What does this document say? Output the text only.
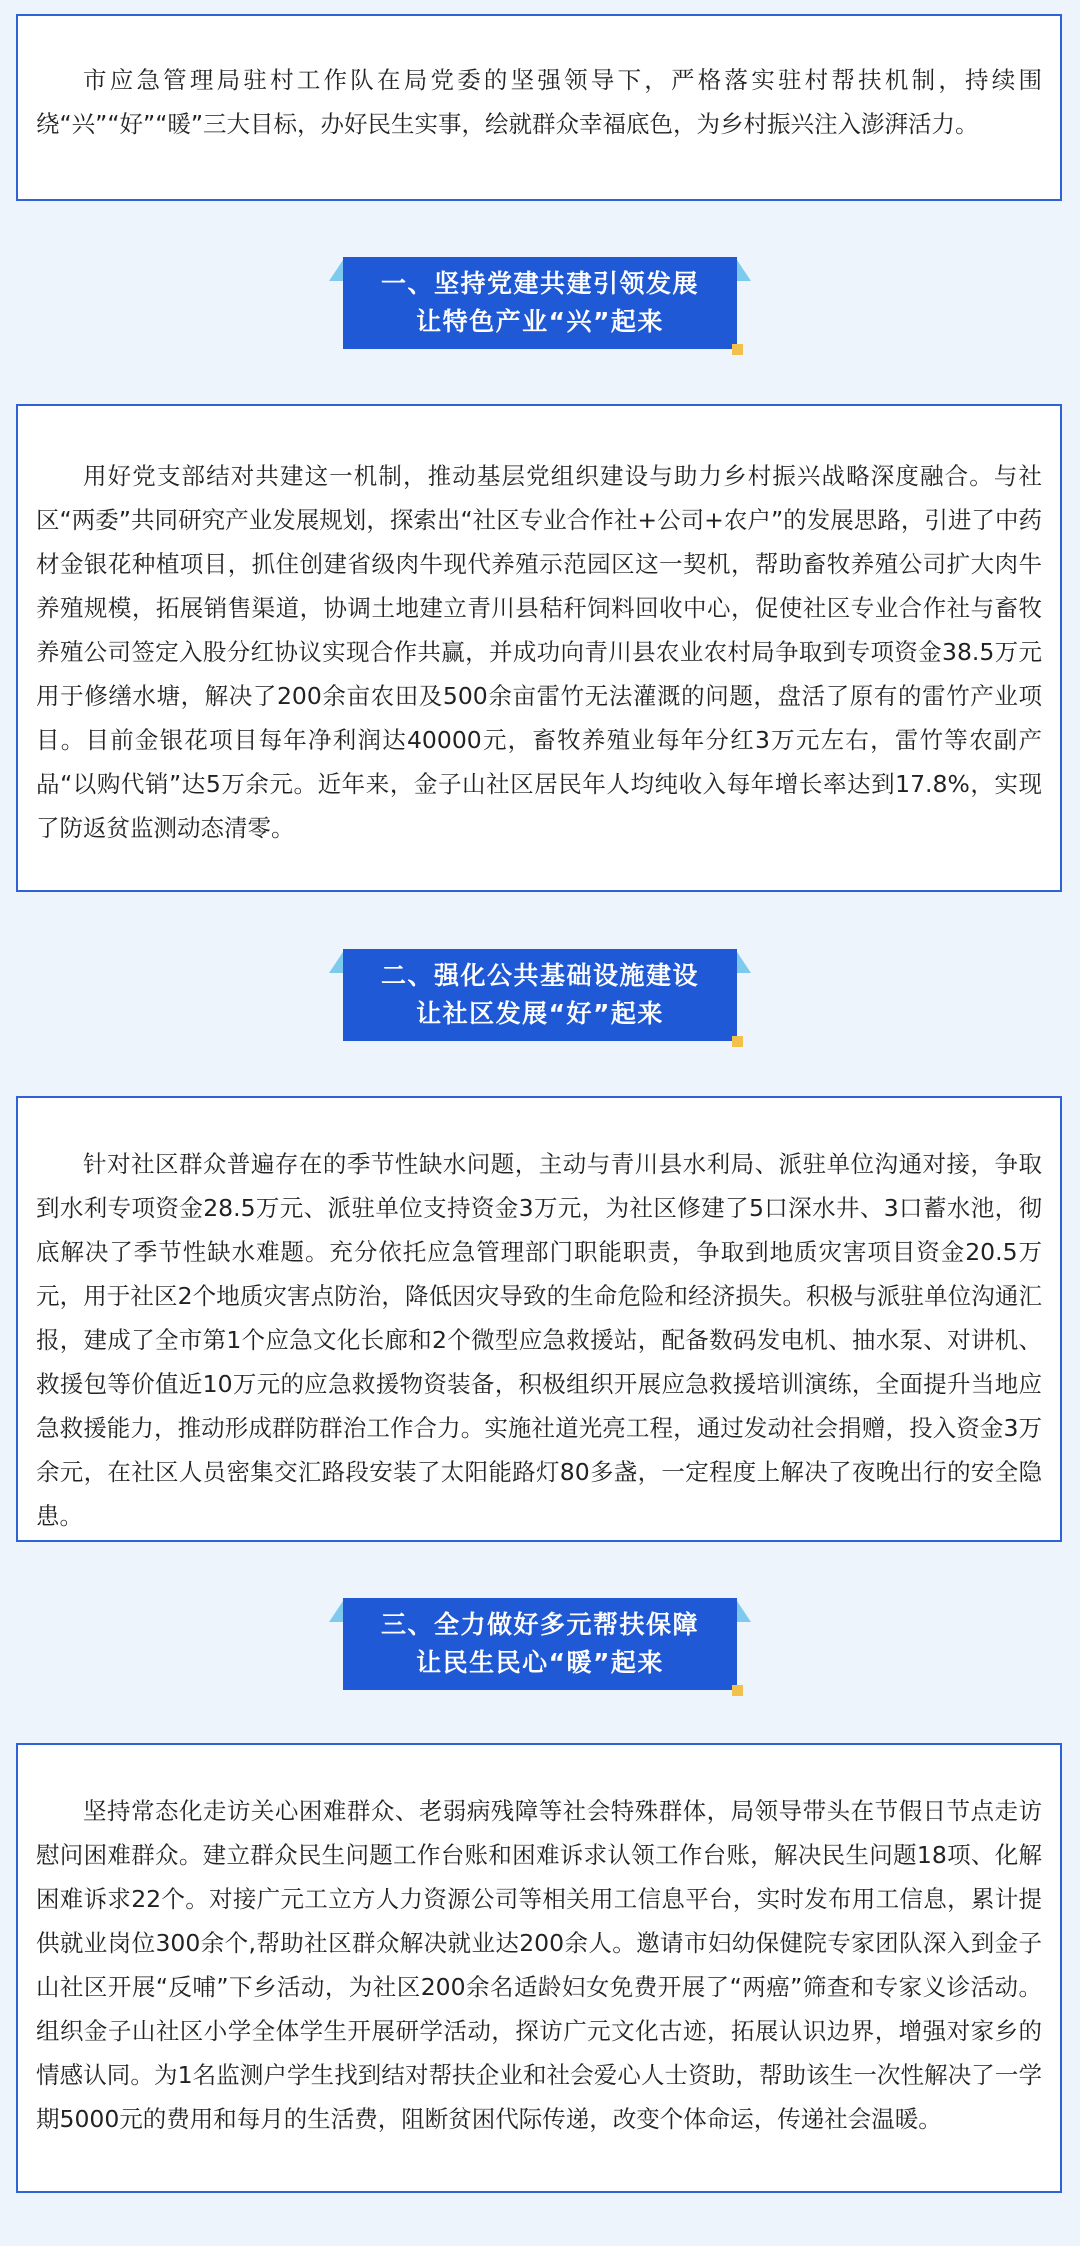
市应急管理局驻村工作队在局党委的坚强领导下，严格落实驻村帮扶机制，持续围绕“兴”“好”“暖”三大目标，办好民生实事，绘就群众幸福底色，为乡村振兴注入澎湃活力。

一、坚持党建共建引领发展
让特色产业“兴”起来

用好党支部结对共建这一机制，推动基层党组织建设与助力乡村振兴战略深度融合。与社区“两委”共同研究产业发展规划，探索出“社区专业合作社+公司+农户”的发展思路，引进了中药材金银花种植项目，抓住创建省级肉牛现代养殖示范园区这一契机，帮助畜牧养殖公司扩大肉牛养殖规模，拓展销售渠道，协调土地建立青川县秸秆饲料回收中心，促使社区专业合作社与畜牧养殖公司签定入股分红协议实现合作共赢，并成功向青川县农业农村局争取到专项资金38.5万元用于修缮水塘，解决了200余亩农田及500余亩雷竹无法灌溉的问题，盘活了原有的雷竹产业项目。目前金银花项目每年净利润达40000元，畜牧养殖业每年分红3万元左右，雷竹等农副产品“以购代销”达5万余元。近年来，金子山社区居民年人均纯收入每年增长率达到17.8%，实现了防返贫监测动态清零。

二、强化公共基础设施建设
让社区发展“好”起来

针对社区群众普遍存在的季节性缺水问题，主动与青川县水利局、派驻单位沟通对接，争取到水利专项资金28.5万元、派驻单位支持资金3万元，为社区修建了5口深水井、3口蓄水池，彻底解决了季节性缺水难题。充分依托应急管理部门职能职责，争取到地质灾害项目资金20.5万元，用于社区2个地质灾害点防治，降低因灾导致的生命危险和经济损失。积极与派驻单位沟通汇报，建成了全市第1个应急文化长廊和2个微型应急救援站，配备数码发电机、抽水泵、对讲机、救援包等价值近10万元的应急救援物资装备，积极组织开展应急救援培训演练，全面提升当地应急救援能力，推动形成群防群治工作合力。实施社道光亮工程，通过发动社会捐赠，投入资金3万余元，在社区人员密集交汇路段安装了太阳能路灯80多盏，一定程度上解决了夜晚出行的安全隐患。

三、全力做好多元帮扶保障
让民生民心“暖”起来

坚持常态化走访关心困难群众、老弱病残障等社会特殊群体，局领导带头在节假日节点走访慰问困难群众。建立群众民生问题工作台账和困难诉求认领工作台账，解决民生问题18项、化解困难诉求22个。对接广元工立方人力资源公司等相关用工信息平台，实时发布用工信息，累计提供就业岗位300余个,帮助社区群众解决就业达200余人。邀请市妇幼保健院专家团队深入到金子山社区开展“反哺”下乡活动，为社区200余名适龄妇女免费开展了“两癌”筛查和专家义诊活动。组织金子山社区小学全体学生开展研学活动，探访广元文化古迹，拓展认识边界，增强对家乡的情感认同。为1名监测户学生找到结对帮扶企业和社会爱心人士资助，帮助该生一次性解决了一学期5000元的费用和每月的生活费，阻断贫困代际传递，改变个体命运，传递社会温暖。
